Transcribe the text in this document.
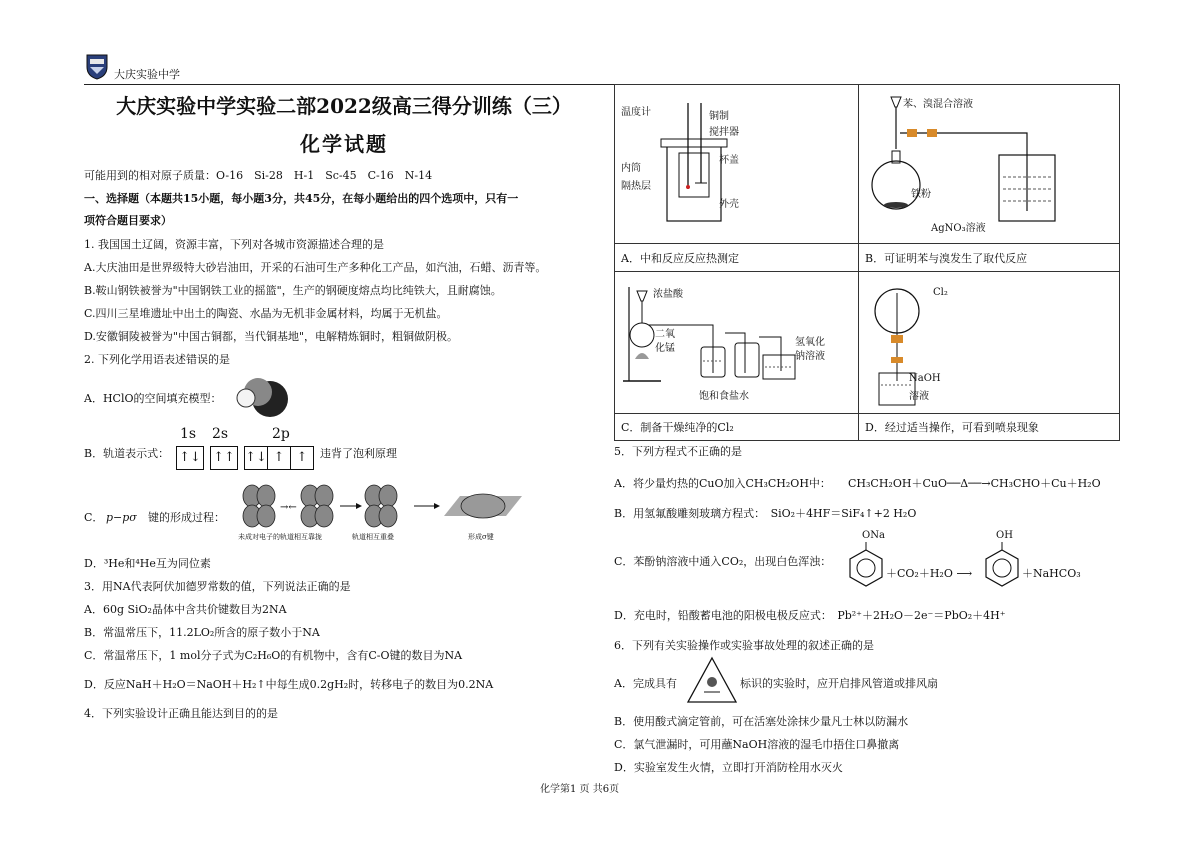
大庆实验中学
大庆实验中学实验二部2022级高三得分训练（三）
化学试题
可能用到的相对原子质量：O-16　Si-28　H-1　Sc-45　C-16　N-14
一、选择题（本题共15小题，每小题3分，共45分，在每小题给出的四个选项中，只有一
项符合题目要求）
1. 我国国土辽阔，资源丰富，下列对各城市资源描述合理的是
A.大庆油田是世界级特大砂岩油田，开采的石油可生产多种化工产品，如汽油，石蜡、沥青等。
B.鞍山钢铁被誉为"中国钢铁工业的摇篮"，生产的钢硬度熔点均比纯铁大，且耐腐蚀。
C.四川三星堆遗址中出土的陶瓷、水晶为无机非金属材料，均属于无机盐。
D.安徽铜陵被誉为"中国古铜都，当代铜基地"，电解精炼铜时，粗铜做阴极。
2. 下列化学用语表述错误的是
A．HClO的空间填充模型：
B．轨道表示式：
1s 2s	2p
↑↓ ↑↑ ↑↓ ↑ ↑	违背了泡利原理
C． p−pσ 键的形成过程：
→←
未成对电子的轨道相互靠拢	轨道相互重叠	形成σ键
D．³He和⁴He互为同位素
3．用NA代表阿伏加德罗常数的值，下列说法正确的是
A．60g SiO₂晶体中含共价键数目为2NA
B．常温常压下，11.2LO₂所含的原子数小于NA
C．常温常压下，1 mol分子式为C₂H₆O的有机物中，含有C-O键的数目为NA
D．反应NaH＋H₂O＝NaOH＋H₂↑中每生成0.2gH₂时，转移电子的数目为0.2NA
4．下列实验设计正确且能达到目的的是
温度计	铜制
搅拌器
杯盖
内筒
隔热层
外壳
苯、溴混合溶液
铁粉
AgNO₃溶液
A．中和反应反应热测定	B．可证明苯与溴发生了取代反应
浓盐酸
二氧
化锰
饱和食盐水
氢氧化
钠溶液
Cl₂
NaOH
溶液
C．制备干燥纯净的Cl₂	D．经过适当操作，可看到喷泉现象
5．下列方程式不正确的是
A．将少量灼热的CuO加入CH₃CH₂OH中： CH₃CH₂OH＋CuO──Δ──→CH₃CHO＋Cu＋H₂O
B．用氢氟酸雕刻玻璃方程式：　SiO₂＋4HF＝SiF₄↑+2 H₂O
C．苯酚钠溶液中通入CO₂，出现白色浑浊：
ONa
＋CO₂＋H₂O ⟶
OH
＋NaHCO₃
D．充电时，铅酸蓄电池的阳极电极反应式：　Pb²⁺＋2H₂O－2e⁻＝PbO₂＋4H⁺
6．下列有关实验操作或实验事故处理的叙述正确的是
A．完成具有	标识的实验时，应开启排风管道或排风扇
B．使用酸式滴定管前，可在活塞处涂抹少量凡士林以防漏水
C．氯气泄漏时，可用蘸NaOH溶液的湿毛巾捂住口鼻撤离
D．实验室发生火情，立即打开消防栓用水灭火
化学第1 页 共6页
